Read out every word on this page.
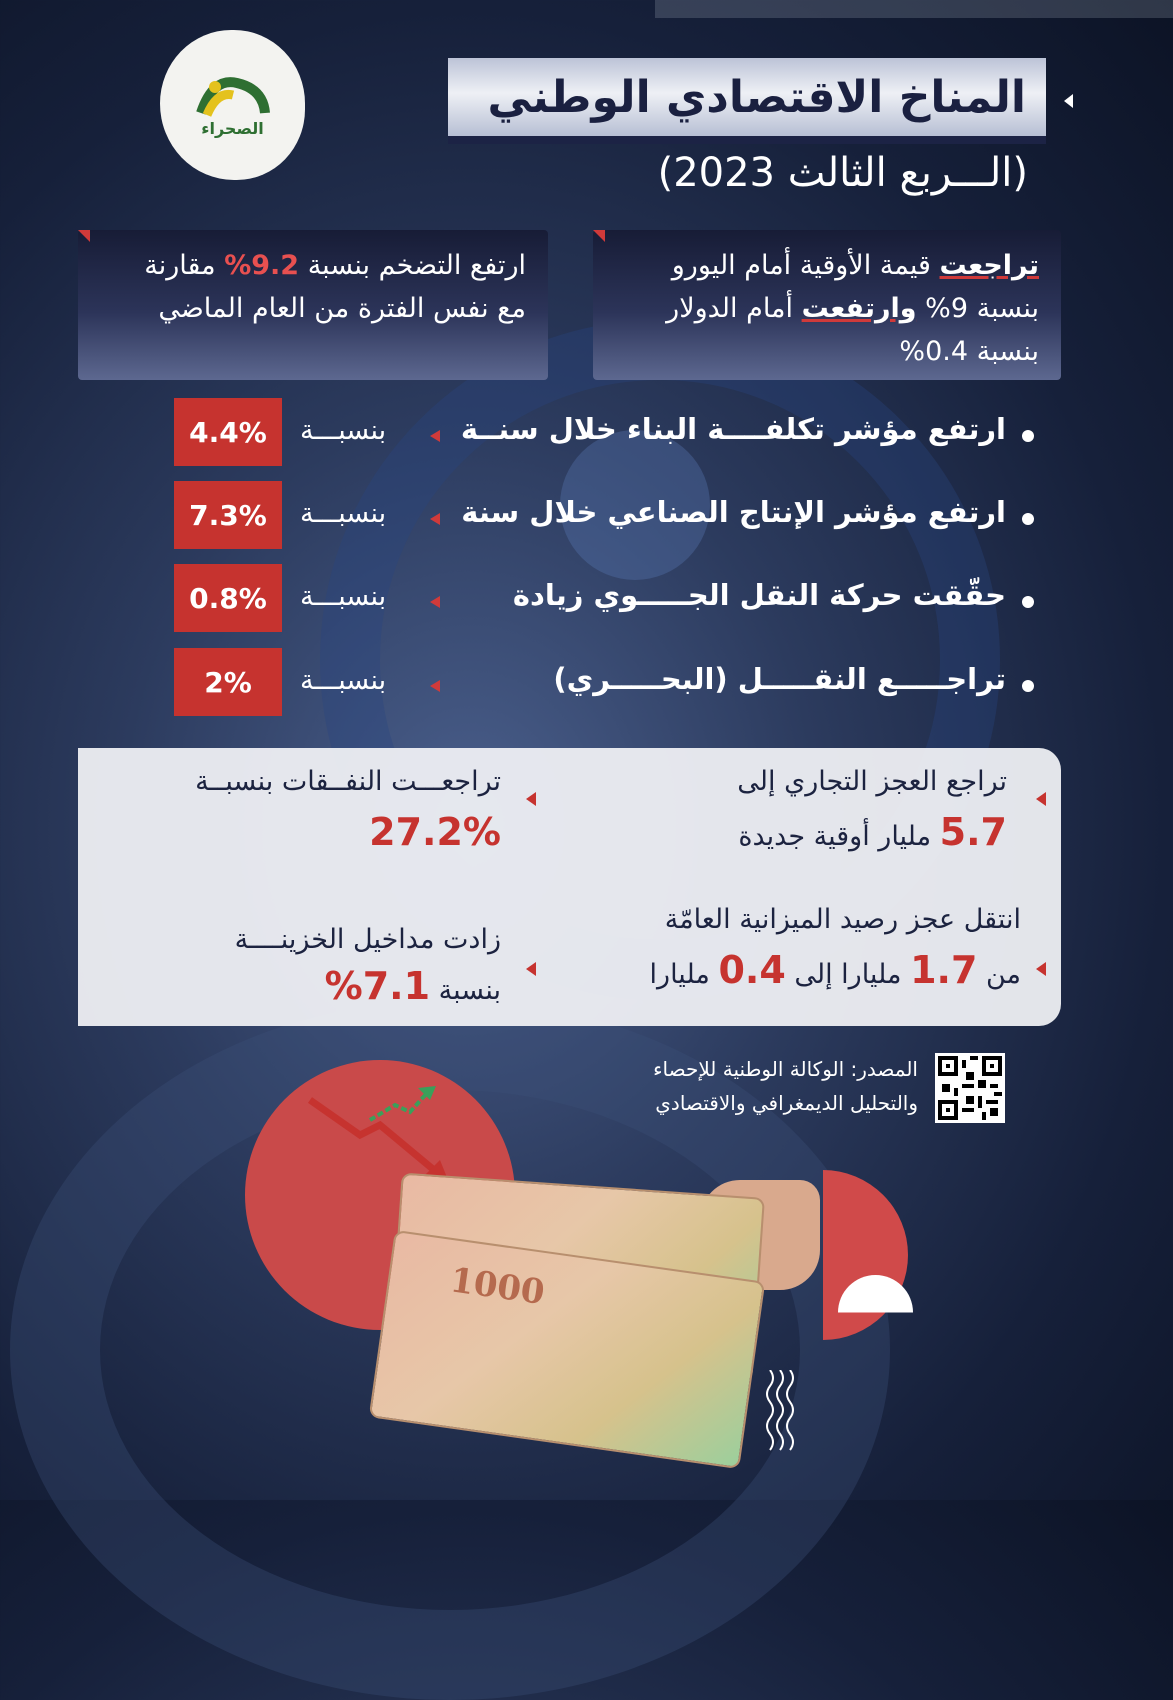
الصحراء
المناخ الاقتصادي الوطني
(الـــربع الثالث 2023)
تراجعت قيمة الأوقية أمام اليورو
بنسبة 9% وارتفعت أمام الدولار
بنسبة 0.4%
ارتفع التضخم بنسبة 9.2% مقارنة
مع نفس الفترة من العام الماضي
ارتفع مؤشر تكلفــــة البناء خلال سنــة
بنسبـــة
4.4%
ارتفع مؤشر الإنتاج الصناعي خلال سنة
بنسبـــة
7.3%
حقّقت حركة النقل الجـــــوي زيادة
بنسبـــة
0.8%
تراجـــــع النقـــــل (البحـــــري)
بنسبـــة
2%
تراجع العجز التجاري إلى
5.7 مليار أوقية جديدة
تراجعـــت النفــقات بنسبــة
27.2%
انتقل عجز رصيد الميزانية العامّة
من 1.7 مليارا إلى 0.4 مليارا
زادت مداخيل الخزينــــة
بنسبة 7.1%
المصدر: الوكالة الوطنية للإحصاء
والتحليل الديمغرافي والاقتصادي
1000
